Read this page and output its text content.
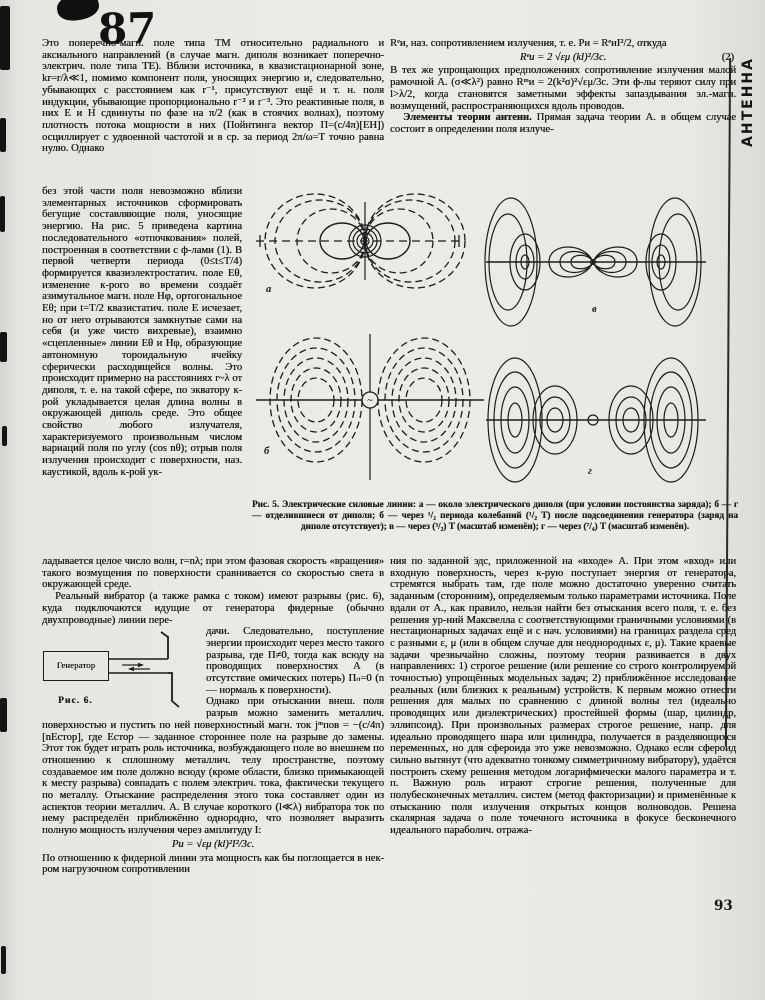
87
АНТЕННА
93
Это поперечно-магн. поле типа ТМ относительно радиального и аксиального направлений (в случае магн. диполя возникает поперечно-электрич. поле типа ТЕ). Вблизи источника, в квазистационарной зоне, kr=r/λ≪1, помимо компонент поля, уносящих энергию и, следовательно, убывающих с расстоянием как r⁻¹, присутствуют ещё и т. н. поля индукции, убывающие пропорционально r⁻² и r⁻³. Это реактивные поля, в них E и H сдвинуты по фазе на π/2 (как в стоячих волнах), поэтому плотность потока мощности в них (Пойнтинга вектор П=(c/4π)[EH]) осциллирует с удвоенной частотой и в ср. за период 2π/ω=T точно равна нулю. Однако
без этой части поля невозможно вблизи элементарных источников сформировать бегущие составляющие поля, уносящие энергию. На рис. 5 приведена картина последовательного «отпочкования» полей, построенная в соответствии с ф-лами (1). В первой четверти периода (0≤t≤T/4) формируется квазиэлектростатич. поле Eθ, изменение к-рого во времени создаёт азимутальное магн. поле Hφ, ортогональное Eθ; при t=T/2 квазистатич. поле E исчезает, но от него отрываются замкнутые сами на себя (и уже чисто вихревые), взаимно «сцепленные» линии Eθ и Hφ, образующие автономную тороидальную ячейку сферически расходящейся волны. Это происходит примерно на расстояниях r~λ от диполя, т. е. на такой сфере, по экватору к-рой укладывается целая длина волны в окружающей диполь среде. Это общее свойство любого излучателя, характеризуемого произвольным числом вариаций поля по углу (cos nθ); отрыв поля излучения происходит с поверхности, наз. каустикой, вдоль к-рой ук-

ладывается целое число волн, r=nλ; при этом фазовая скорость «вращения» такого возмущения по поверхности сравнивается со скоростью света в окружающей среде.

Реальный вибратор (а также рамка с током) имеют разрывы (рис. 6), куда подключаются идущие от генератора фидерные (обычно двухпроводные) линии пере-

Генератор
Рис. 6.

дачи. Следовательно, поступление энергии происходит через место такого разрыва, где П≠0, тогда как всюду на проводящих поверхностях А (в отсутствие омических потерь) Пₙ=0 (n — нормаль к поверхности).

Однако при отыскании внеш. поля разрыв можно заменить металлич. поверхностью и пустить по ней поверхностный магн. ток jᵐпов = −(c/4π)[nEстор], где Eстор — заданное стороннее поле на разрыве до замены. Этот ток будет играть роль источника, возбуждающего поле во внешнем по отношению к сплошному металлич. телу пространстве, поэтому создаваемое им поле должно всюду (кроме области, близко примыкающей к месту разрыва) совпадать с полем электрич. тока, фактически текущего по металлу. Отыскание распределения этого тока составляет один из аспектов теории металлич. А. В случае короткого (l≪λ) вибратора ток по нему распределён приближённо однородно, что позволяет выразить полную мощность излучения через амплитуду I:

Pи = √εμ (kl)²I²/3c.

По отношению к фидерной линии эта мощность как бы поглощается в нек-ром нагрузочном сопротивлении

Rᵉи, наз. сопротивлением излучения, т. е. Pи = RᵉиI²/2, откуда

Rᵉи = 2 √εμ (kl)²/3c.	(2)

В тех же упрощающих предположениях сопротивление излучения малой рамочной А. (σ≪λ²) равно Rᵐи = 2(k²σ)²√εμ/3c. Эти ф-лы теряют силу при l>λ/2, когда становятся заметными эффекты запаздывания эл.-магн. возмущений, распространяющихся вдоль проводов.

Элементы теории антенн. Прямая задача теории А. в общем случае состоит в определении поля излуче-

ния по заданной эдс, приложенной на «входе» А. При этом «вход» или входную поверхность, через к-рую поступает энергия от генератора, стремятся выбрать там, где поле можно достаточно уверенно считать заданным (сторонним), определяемым только параметрами источника. Поле вдали от А., как правило, нельзя найти без отыскания всего поля, т. е. без решения ур-ний Максвелла с соответствующими граничными условиями (в нестационарных задачах ещё и с нач. условиями) на границах раздела сред с разными ε, μ (или в общем случае для неоднородных ε, μ). Такие краевые задачи чрезвычайно сложны, поэтому теория развивается в двух направлениях: 1) строгое решение (или решение со строго контролируемой точностью) упрощённых модельных задач; 2) приближённое исследование реальных (или близких к реальным) устройств. К первым можно отнести решения для малых по сравнению с длиной волны тел (идеально проводящих или диэлектрических) простейшей формы (шар, цилиндр, эллипсоид). При произвольных размерах строгое решение, напр. для идеально проводящего шара или цилиндра, получается в разделяющихся переменных, но для сфероида это уже невозможно. Однако если сфероид сильно вытянут (что адекватно тонкому симметричному вибратору), удаётся построить схему решения методом логарифмически малого параметра и т. п. Важную роль играют строгие решения, полученные для полубесконечных металлич. систем (метод факторизации) и применённые к отысканию поля излучения открытых концов волноводов. Решена скалярная задача о поле точечного источника в фокусе бесконечного идеального параболич. отража-
~
а
б
в
г
Рис. 5. Электрические силовые линии: а — около электрического диполя (при условии постоянства заряда); б — г — отделившиеся от диполя; б — через ¹/₂ периода колебаний (¹/₂ T) после подсоединения генератора (заряд на диполе отсутствует); в — через (³/₂) T (масштаб изменён); г — через (⁷/₄) T (масштаб изменён).
